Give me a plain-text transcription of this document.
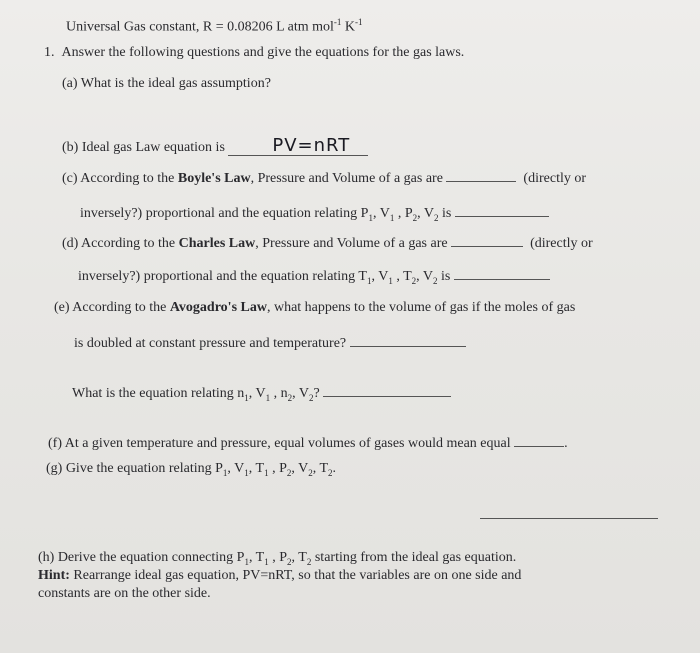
Universal Gas constant, R = 0.08206 L atm mol$^{-1}$ $K^{-1}$
1. Answer the following questions and give the equations for the gas laws.
(a) What is the ideal gas assumption?
(b) Ideal gas Law equation is	PV=nRT
(c) According to the Boyle's Law, Pressure and Volume of a gas are	(directly or
inversely?) proportional and the equation relating $P_1$, $V_1$ , $P_2$, $V_2$ is
(d) According to the Charles Law, Pressure and Volume of a gas are	(directly or
inversely?) proportional and the equation relating $T_1$, $V_1$ , $T_2$, $V_2$ is
(e) According to the Avogadro's Law, what happens to the volume of gas if the moles of gas
is doubled at constant pressure and temperature?
What is the equation relating $n_1$, $V_1$ , $n_2$, $V_2$?
(f) At a given temperature and pressure, equal volumes of gases would mean equal	.
(g) Give the equation relating $P_1$, $V_1$, $T_1$ , $P_2$, $V_2$, $T_2$.
(h) Derive the equation connecting $P_1$, $T_1$ , $P_2$, $T_2$ starting from the ideal gas equation.
Hint: Rearrange ideal gas equation, PV=nRT, so that the variables are on one side and
constants are on the other side.
